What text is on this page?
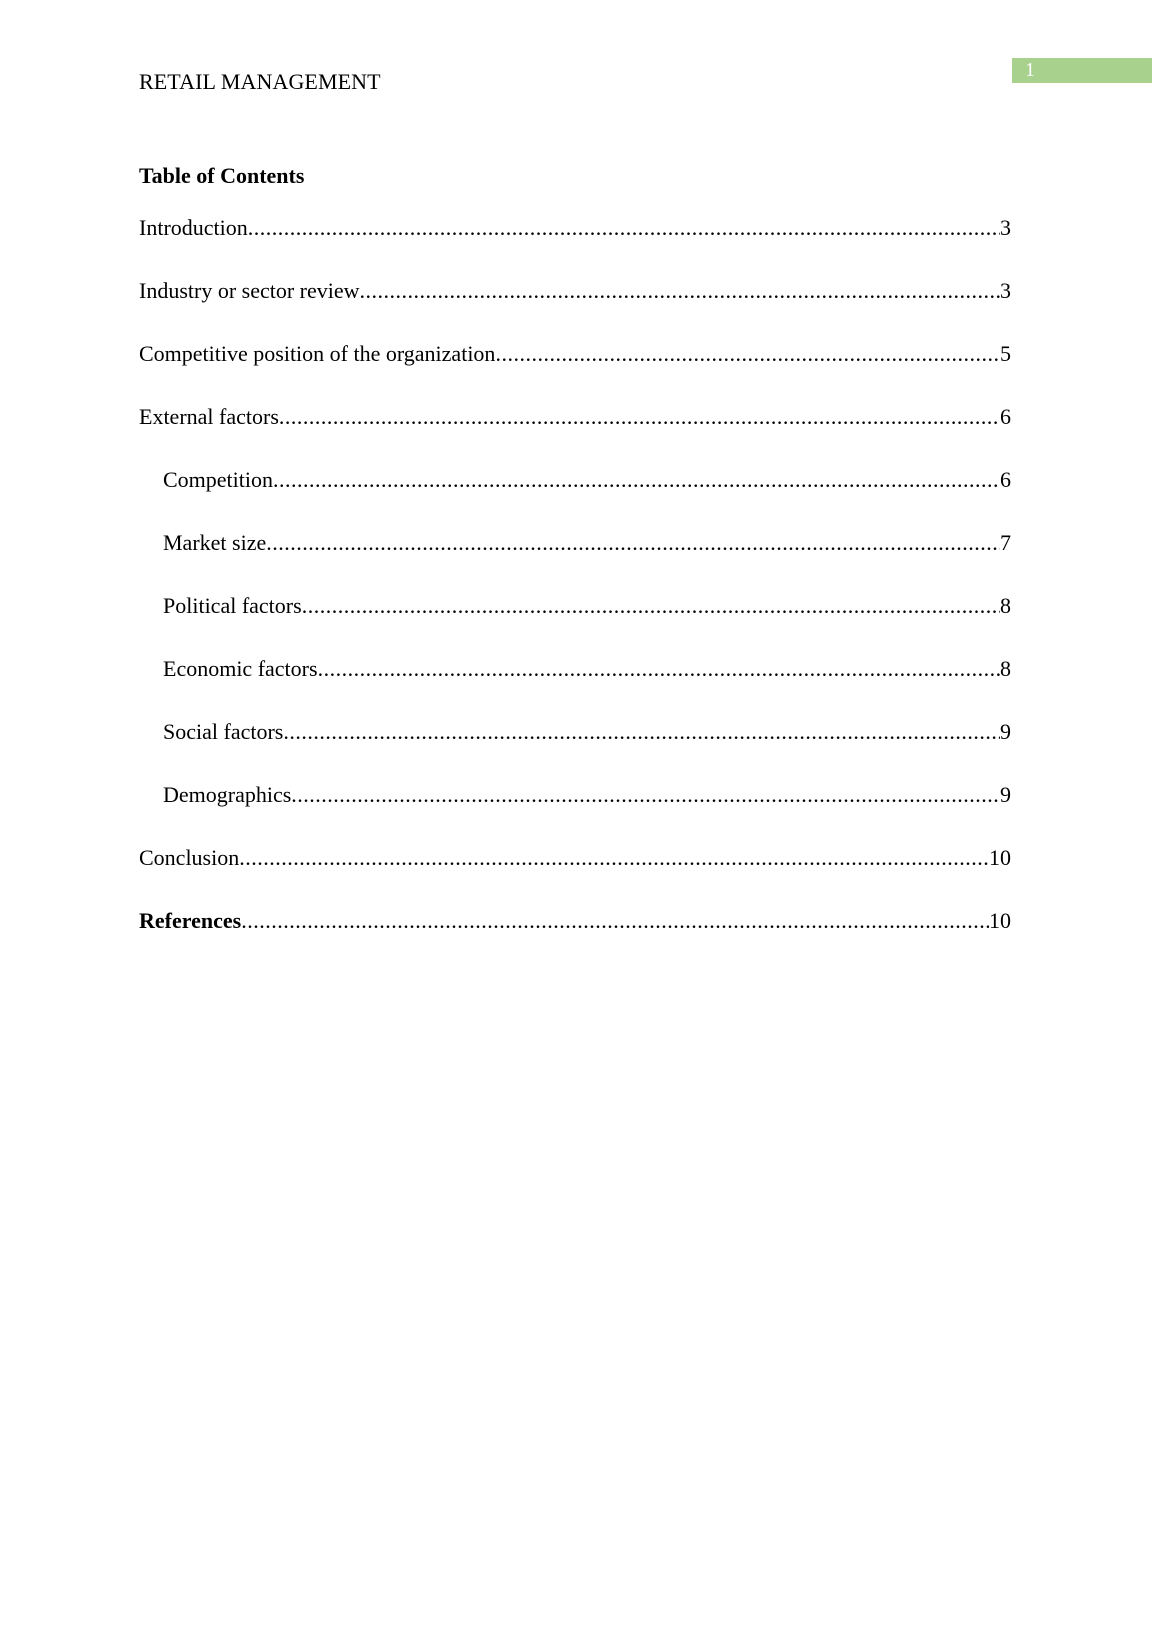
1
RETAIL MANAGEMENT
Table of Contents
Introduction .....	3
Industry or sector review .....	3
Competitive position of the organization .....	5
External factors .....	6
Competition .....	6
Market size .....	7
Political factors .....	8
Economic factors .....	8
Social factors .....	9
Demographics .....	9
Conclusion .....	10
References .....	10
